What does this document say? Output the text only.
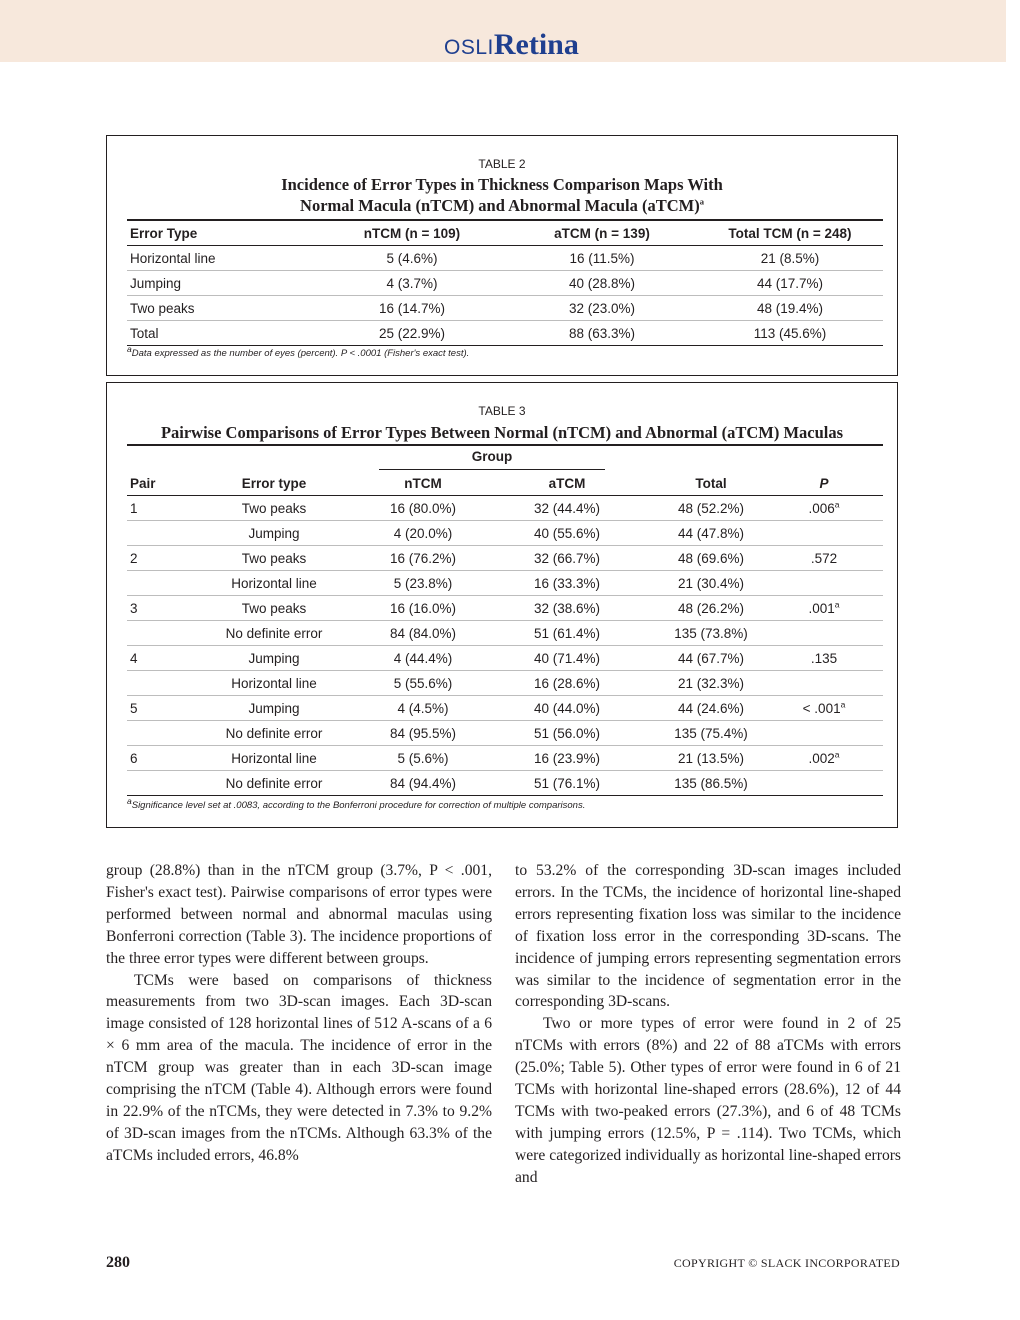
OSLIRetina
TABLE 2
Incidence of Error Types in Thickness Comparison Maps With
Normal Macula (nTCM) and Abnormal Macula (aTCM)$^a$
Error Type	nTCM (n = 109)	aTCM (n = 139)	Total TCM (n = 248)
Horizontal line	5 (4.6%)	16 (11.5%)	21 (8.5%)
Jumping	4 (3.7%)	40 (28.8%)	44 (17.7%)
Two peaks	16 (14.7%)	32 (23.0%)	48 (19.4%)
Total	25 (22.9%)	88 (63.3%)	113 (45.6%)
$^a$Data expressed as the number of eyes (percent). P < .0001 (Fisher's exact test).
TABLE 3
Pairwise Comparisons of Error Types Between Normal (nTCM) and Abnormal (aTCM) Maculas
Group
Pair	Error type	nTCM	aTCM	Total	P
1	Two peaks	16 (80.0%)	32 (44.4%)	48 (52.2%)	.006$^a$
	Jumping	4 (20.0%)	40 (55.6%)	44 (47.8%)	
2	Two peaks	16 (76.2%)	32 (66.7%)	48 (69.6%)	.572
	Horizontal line	5 (23.8%)	16 (33.3%)	21 (30.4%)	
3	Two peaks	16 (16.0%)	32 (38.6%)	48 (26.2%)	.001$^a$
	No definite error	84 (84.0%)	51 (61.4%)	135 (73.8%)	
4	Jumping	4 (44.4%)	40 (71.4%)	44 (67.7%)	.135
	Horizontal line	5 (55.6%)	16 (28.6%)	21 (32.3%)	
5	Jumping	4 (4.5%)	40 (44.0%)	44 (24.6%)	< .001$^a$
	No definite error	84 (95.5%)	51 (56.0%)	135 (75.4%)	
6	Horizontal line	5 (5.6%)	16 (23.9%)	21 (13.5%)	.002$^a$
	No definite error	84 (94.4%)	51 (76.1%)	135 (86.5%)	
$^a$Significance level set at .0083, according to the Bonferroni procedure for correction of multiple comparisons.

group (28.8%) than in the nTCM group (3.7%, P < .001, Fisher's exact test). Pairwise comparisons of error types were performed between normal and abnormal maculas using Bonferroni correction (Table 3). The incidence proportions of the three error types were different between groups.

TCMs were based on comparisons of thickness measurements from two 3D-scan images. Each 3D-scan image consisted of 128 horizontal lines of 512 A-scans of a 6 × 6 mm area of the macula. The incidence of error in the nTCM group was greater than in each 3D-scan image comprising the nTCM (Table 4). Although errors were found in 22.9% of the nTCMs, they were detected in 7.3% to 9.2% of 3D-scan images from the nTCMs. Although 63.3% of the aTCMs included errors, 46.8%

to 53.2% of the corresponding 3D-scan images included errors. In the TCMs, the incidence of horizontal line-shaped errors representing fixation loss was similar to the incidence of fixation loss error in the corresponding 3D-scans. The incidence of jumping errors representing segmentation errors was similar to the incidence of segmentation error in the corresponding 3D-scans.

Two or more types of error were found in 2 of 25 nTCMs with errors (8%) and 22 of 88 aTCMs with errors (25.0%; Table 5). Other types of error were found in 6 of 21 TCMs with horizontal line-shaped errors (28.6%), 12 of 44 TCMs with two-peaked errors (27.3%), and 6 of 48 TCMs with jumping errors (12.5%, P = .114). Two TCMs, which were categorized individually as horizontal line-shaped errors and

280	COPYRIGHT © SLACK INCORPORATED
